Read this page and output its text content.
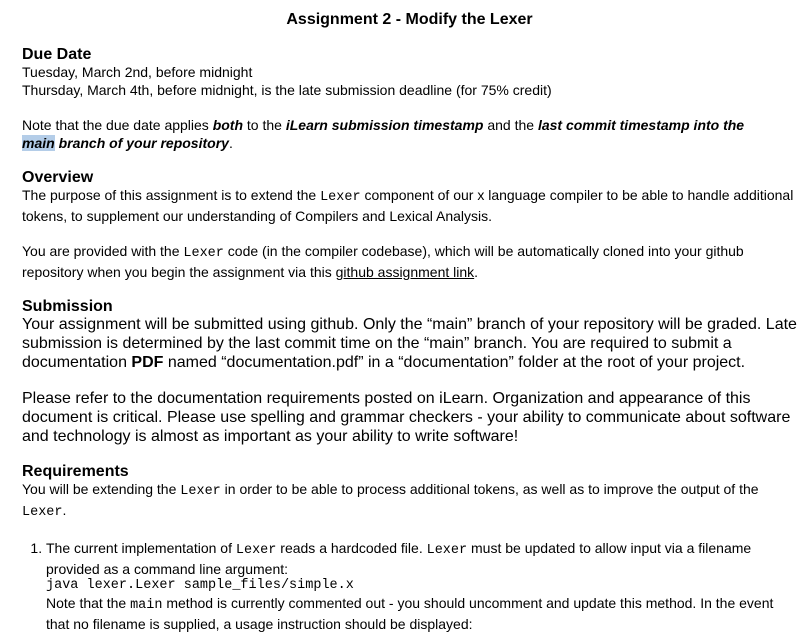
Assignment 2 - Modify the Lexer
Due Date
Tuesday, March 2nd, before midnight
Thursday, March 4th, before midnight, is the late submission deadline (for 75% credit)
Note that the due date applies both to the iLearn submission timestamp and the last commit timestamp into the
main branch of your repository.
Overview
The purpose of this assignment is to extend the Lexer component of our x language compiler to be able to handle additional tokens, to supplement our understanding of Compilers and Lexical Analysis.
You are provided with the Lexer code (in the compiler codebase), which will be automatically cloned into your github repository when you begin the assignment via this github assignment link.
Submission
Your assignment will be submitted using github. Only the “main” branch of your repository will be graded. Late submission is determined by the last commit time on the “main” branch. You are required to submit a documentation PDF named “documentation.pdf” in a “documentation” folder at the root of your project.
Please refer to the documentation requirements posted on iLearn. Organization and appearance of this document is critical. Please use spelling and grammar checkers - your ability to communicate about software and technology is almost as important as your ability to write software!
Requirements
You will be extending the Lexer in order to be able to process additional tokens, as well as to improve the output of the Lexer.
1. The current implementation of Lexer reads a hardcoded file. Lexer must be updated to allow input via a filename provided as a command line argument:
java lexer.Lexer sample_files/simple.x
Note that the main method is currently commented out - you should uncomment and update this method. In the event that no filename is supplied, a usage instruction should be displayed:
